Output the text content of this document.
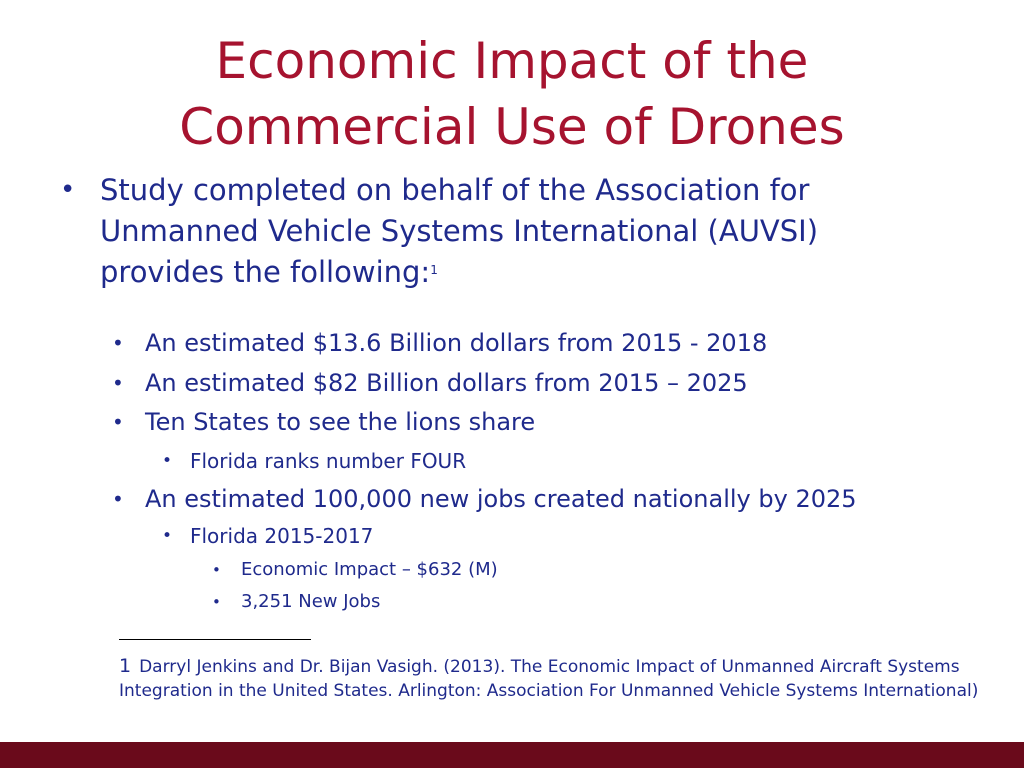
Economic Impact of the
Commercial Use of Drones
• Study completed on behalf of the Association for Unmanned Vehicle Systems International (AUVSI) provides the following:$^1$
• An estimated $13.6 Billion dollars from 2015 - 2018
• An estimated $82 Billion dollars from 2015 – 2025
• Ten States to see the lions share
• Florida ranks number FOUR
• An estimated 100,000 new jobs created nationally by 2025
• Florida 2015-2017
• Economic Impact – $632 (M)
• 3,251 New Jobs
1 Darryl Jenkins and Dr. Bijan Vasigh. (2013). The Economic Impact of Unmanned Aircraft Systems Integration in the United States. Arlington: Association For Unmanned Vehicle Systems International)
